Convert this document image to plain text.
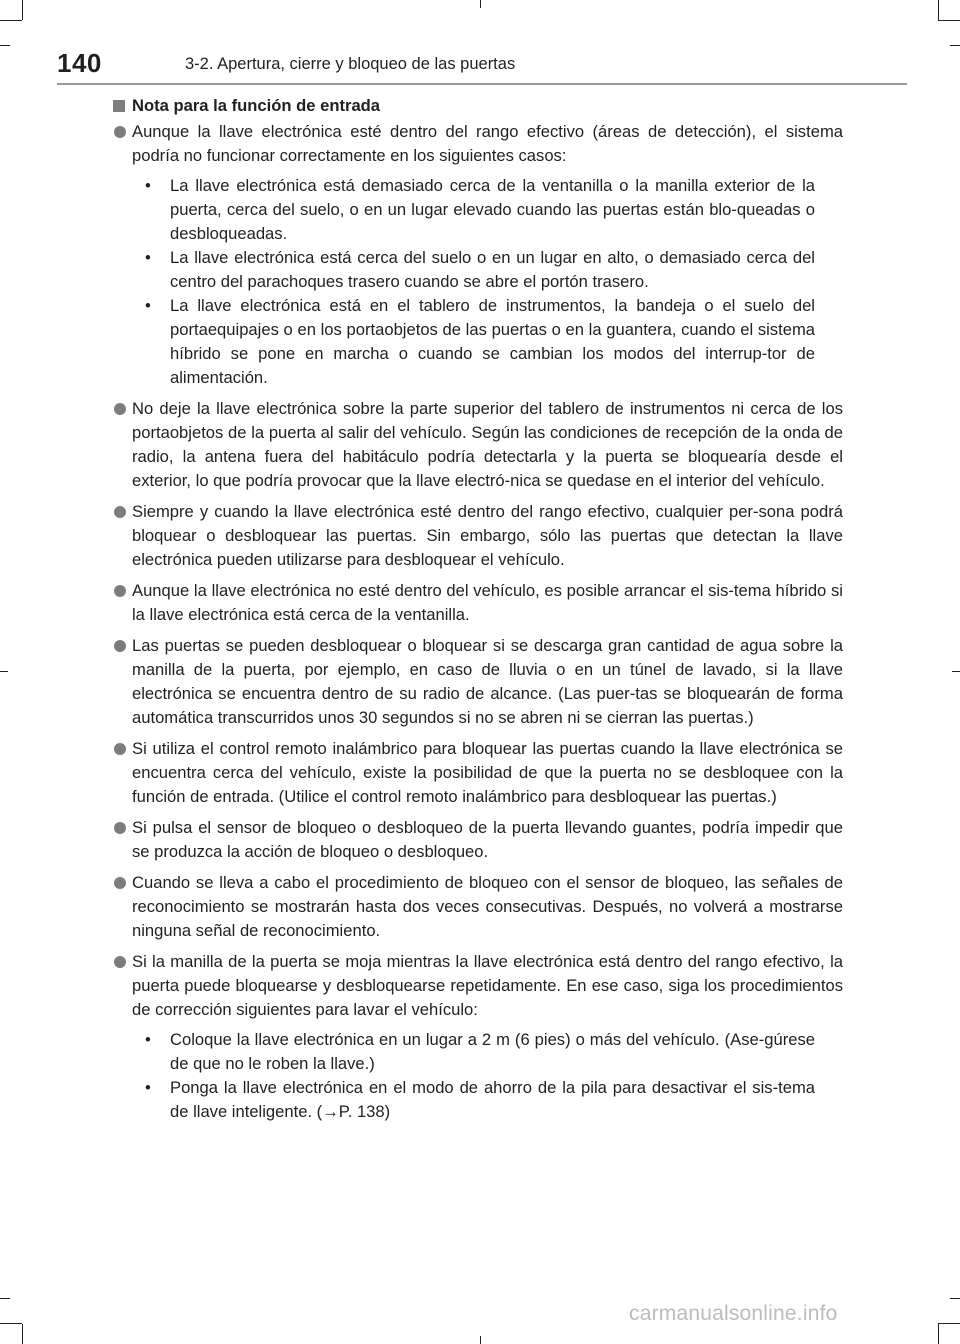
140	3-2. Apertura, cierre y bloqueo de las puertas
Nota para la función de entrada
Aunque la llave electrónica esté dentro del rango efectivo (áreas de detección), el sistema podría no funcionar correctamente en los siguientes casos:
• La llave electrónica está demasiado cerca de la ventanilla o la manilla exterior de la puerta, cerca del suelo, o en un lugar elevado cuando las puertas están blo-queadas o desbloqueadas.
• La llave electrónica está cerca del suelo o en un lugar en alto, o demasiado cerca del centro del parachoques trasero cuando se abre el portón trasero.
• La llave electrónica está en el tablero de instrumentos, la bandeja o el suelo del portaequipajes o en los portaobjetos de las puertas o en la guantera, cuando el sistema híbrido se pone en marcha o cuando se cambian los modos del interrup-tor de alimentación.
No deje la llave electrónica sobre la parte superior del tablero de instrumentos ni cerca de los portaobjetos de la puerta al salir del vehículo. Según las condiciones de recepción de la onda de radio, la antena fuera del habitáculo podría detectarla y la puerta se bloquearía desde el exterior, lo que podría provocar que la llave electró-nica se quedase en el interior del vehículo.
Siempre y cuando la llave electrónica esté dentro del rango efectivo, cualquier per-sona podrá bloquear o desbloquear las puertas. Sin embargo, sólo las puertas que detectan la llave electrónica pueden utilizarse para desbloquear el vehículo.
Aunque la llave electrónica no esté dentro del vehículo, es posible arrancar el sis-tema híbrido si la llave electrónica está cerca de la ventanilla.
Las puertas se pueden desbloquear o bloquear si se descarga gran cantidad de agua sobre la manilla de la puerta, por ejemplo, en caso de lluvia o en un túnel de lavado, si la llave electrónica se encuentra dentro de su radio de alcance. (Las puer-tas se bloquearán de forma automática transcurridos unos 30 segundos si no se abren ni se cierran las puertas.)
Si utiliza el control remoto inalámbrico para bloquear las puertas cuando la llave electrónica se encuentra cerca del vehículo, existe la posibilidad de que la puerta no se desbloquee con la función de entrada. (Utilice el control remoto inalámbrico para desbloquear las puertas.)
Si pulsa el sensor de bloqueo o desbloqueo de la puerta llevando guantes, podría impedir que se produzca la acción de bloqueo o desbloqueo.
Cuando se lleva a cabo el procedimiento de bloqueo con el sensor de bloqueo, las señales de reconocimiento se mostrarán hasta dos veces consecutivas. Después, no volverá a mostrarse ninguna señal de reconocimiento.
Si la manilla de la puerta se moja mientras la llave electrónica está dentro del rango efectivo, la puerta puede bloquearse y desbloquearse repetidamente. En ese caso, siga los procedimientos de corrección siguientes para lavar el vehículo:
• Coloque la llave electrónica en un lugar a 2 m (6 pies) o más del vehículo. (Ase-gúrese de que no le roben la llave.)
• Ponga la llave electrónica en el modo de ahorro de la pila para desactivar el sis-tema de llave inteligente. (→P. 138)
carmanualsonline.info
